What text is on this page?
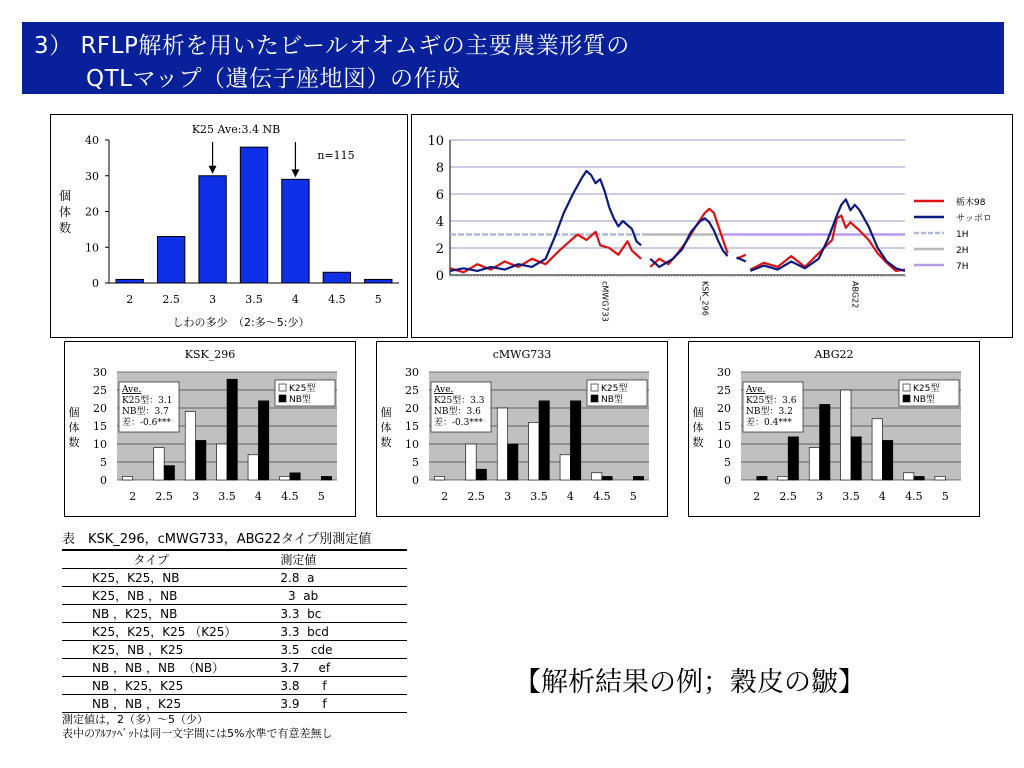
3） RFLP解析を用いたビールオオムギの主要農業形質の
QTLマップ（遺伝子座地図）の作成
K25 Ave:3.4 NB
n=115
0
10
20
30
40
2	2.5	3	3.5	4	4.5	5
個
体
数
しわの多少　（2:多～5:少）
0
2
4
6
8
10
cMWG733	KSK_296	ABG22
栃木98
サッポロ
1H
2H
7H
KSK_296
0
5
10
15
20
25
30
2 2.5 3 3.5 4 4.5 5
Ave.
K25型：3.1
NB型：3.7
差：-0.6***
K25型
NB型
個
体
数
cMWG733
0
5
10
15
20
25
30
2 2.5 3 3.5 4 4.5 5
Ave.
K25型：3.3
NB型：3.6
差：-0.3***
K25型
NB型
個
体
数
ABG22
0
5
10
15
20
25
30
2 2.5 3 3.5 4 4.5 5
Ave.
K25型：3.6
NB型：3.2
差：0.4***
K25型
NB型
個
体
数
表　KSK_296，cMWG733，ABG22タイプ別測定値
タイプ	測定値
K25，K25，NB	2.8  a
K25，NB ，NB	3  ab
NB ，K25，NB	3.3  bc
K25，K25，K25 （K25）	3.3  bcd
K25，NB ，K25	3.5   cde
NB ，NB ，NB  （NB）	3.7     ef
NB ，K25，K25	3.8      f
NB ，NB ，K25	3.9      f
測定値は，2（多）～5（少）
表中のｱﾙﾌｧﾍﾞｯﾄは同一文字間には5%水準で有意差無し
【解析結果の例；穀皮の皺】
